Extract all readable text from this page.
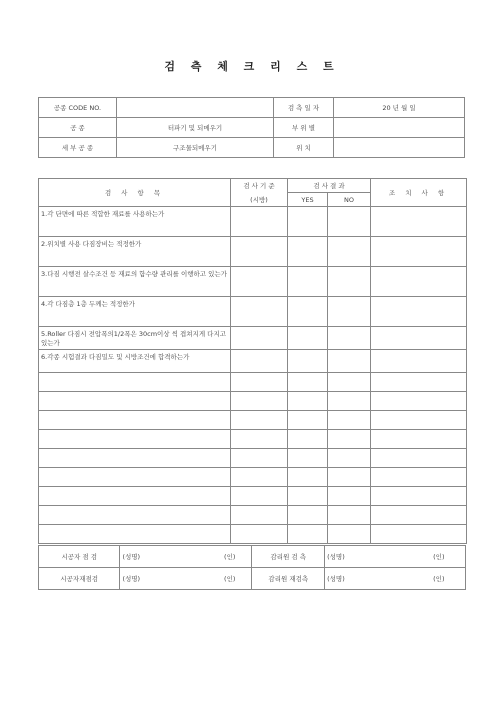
검 측 체 크 리 스 트
공종 CODE NO.		검 측 일 자	20 년 월 일
공 종	터파기 및 되메우기	부 위 별	
세 부 공 종	구조물되메우기	위 치	
검 사 항 목	검 사 기 준	검 사 결 과		조 치 사 항
	(시방)	YES	NO	
1.각 단면에 따른 적합한 재료를 사용하는가				
2.위치별 사용 다짐장비는 적정한가				
3.다짐 시행전 살수조건 등 재료의 함수량 관리를 이행하고 있는가				
4.각 다짐층 1층 두께는 적정한가				
5.Roller 다짐시 전압폭의1/2폭은 30cm이상 씩 겹쳐지게 다지고 있는가				
6.각종 시험결과 다짐밀도 및 시방조건에 합격하는가				

시공자 점 검	(성명)	(인)	감리원 검 측	(성명)	(인)
시공자재점검	(성명)	(인)	감리원 재검측	(성명)	(인)
